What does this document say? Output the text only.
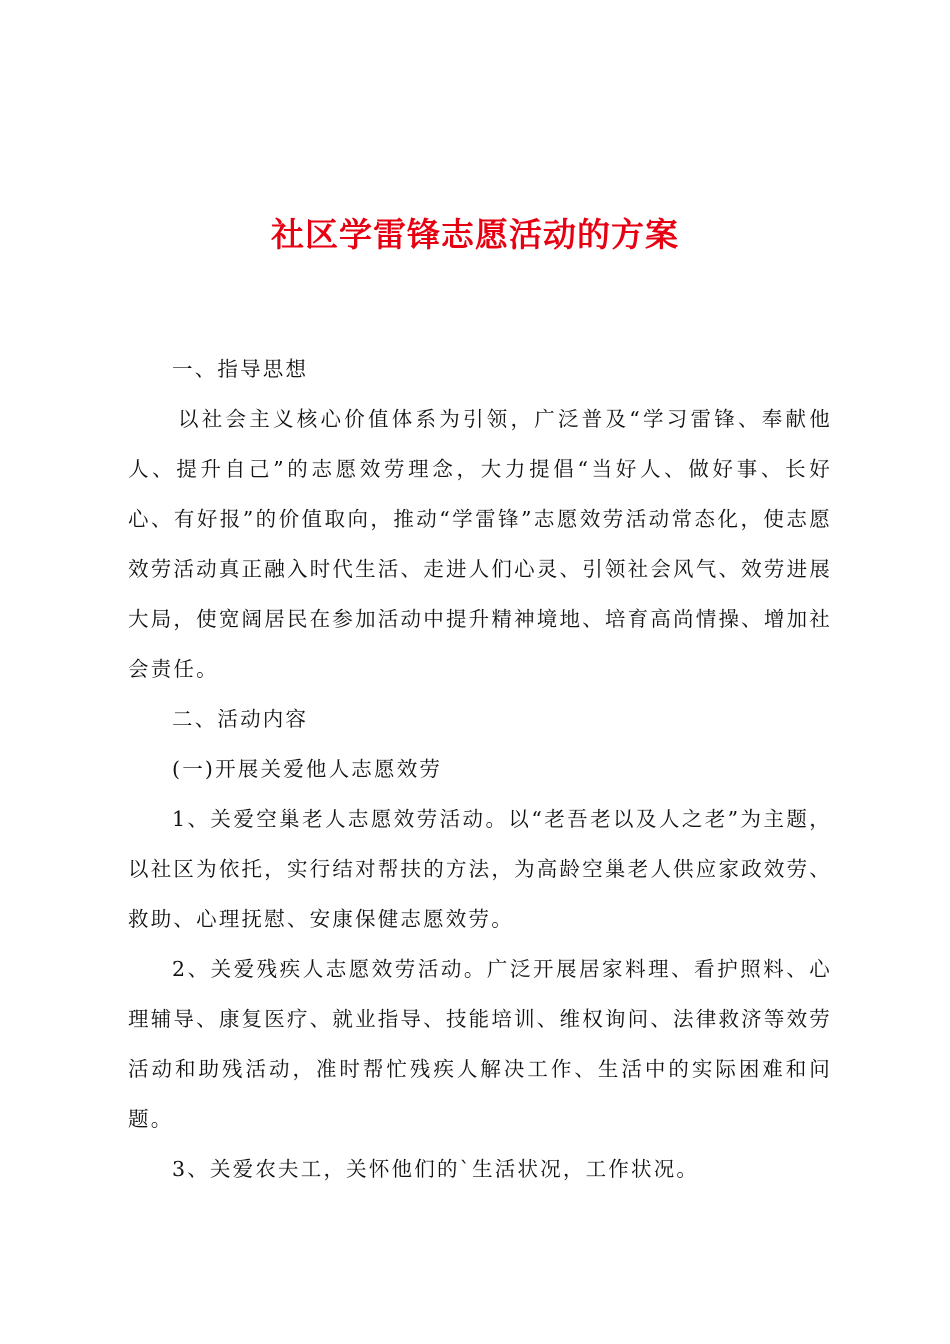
社区学雷锋志愿活动的方案

一、指导思想

以社会主义核心价值体系为引领，广泛普及“学习雷锋、奉献他人、提升自己”的志愿效劳理念，大力提倡“当好人、做好事、长好心、有好报”的价值取向，推动“学雷锋”志愿效劳活动常态化，使志愿效劳活动真正融入时代生活、走进人们心灵、引领社会风气、效劳进展大局，使宽阔居民在参加活动中提升精神境地、培育高尚情操、增加社会责任。

二、活动内容

(一)开展关爱他人志愿效劳

1、关爱空巢老人志愿效劳活动。以“老吾老以及人之老”为主题，以社区为依托，实行结对帮扶的方法，为高龄空巢老人供应家政效劳、救助、心理抚慰、安康保健志愿效劳。

2、关爱残疾人志愿效劳活动。广泛开展居家料理、看护照料、心理辅导、康复医疗、就业指导、技能培训、维权询问、法律救济等效劳活动和助残活动，准时帮忙残疾人解决工作、生活中的实际困难和问题。

3、关爱农夫工，关怀他们的`生活状况，工作状况。
